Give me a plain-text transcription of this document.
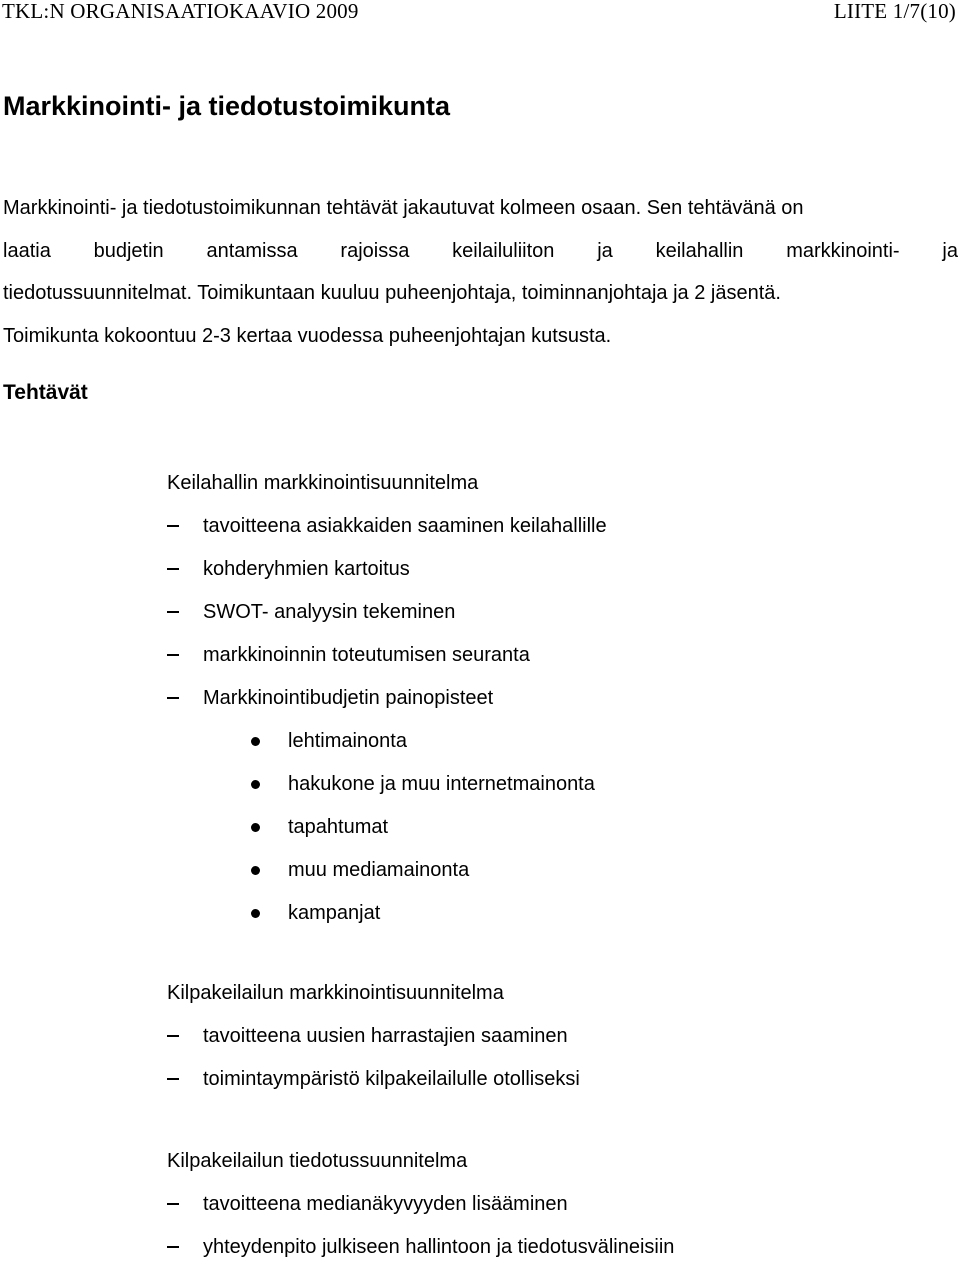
TKL:N ORGANISAATIOKAAVIO 2009	LIITE 1/7(10)
Markkinointi- ja tiedotustoimikunta
Markkinointi- ja tiedotustoimikunnan tehtävät jakautuvat kolmeen osaan. Sen tehtävänä on
laatia budjetin antamissa rajoissa keilailuliiton ja keilahallin markkinointi- ja
tiedotussuunnitelmat. Toimikuntaan kuuluu puheenjohtaja, toiminnanjohtaja ja 2 jäsentä.
Toimikunta kokoontuu 2-3 kertaa vuodessa puheenjohtajan kutsusta.
Tehtävät
Keilahallin markkinointisuunnitelma
tavoitteena asiakkaiden saaminen keilahallille
kohderyhmien kartoitus
SWOT- analyysin tekeminen
markkinoinnin toteutumisen seuranta
Markkinointibudjetin painopisteet
lehtimainonta
hakukone ja muu internetmainonta
tapahtumat
muu mediamainonta
kampanjat
Kilpakeilailun markkinointisuunnitelma
tavoitteena uusien harrastajien saaminen
toimintaympäristö kilpakeilailulle otolliseksi
Kilpakeilailun tiedotussuunnitelma
tavoitteena medianäkyvyyden lisääminen
yhteydenpito julkiseen hallintoon ja tiedotusvälineisiin
